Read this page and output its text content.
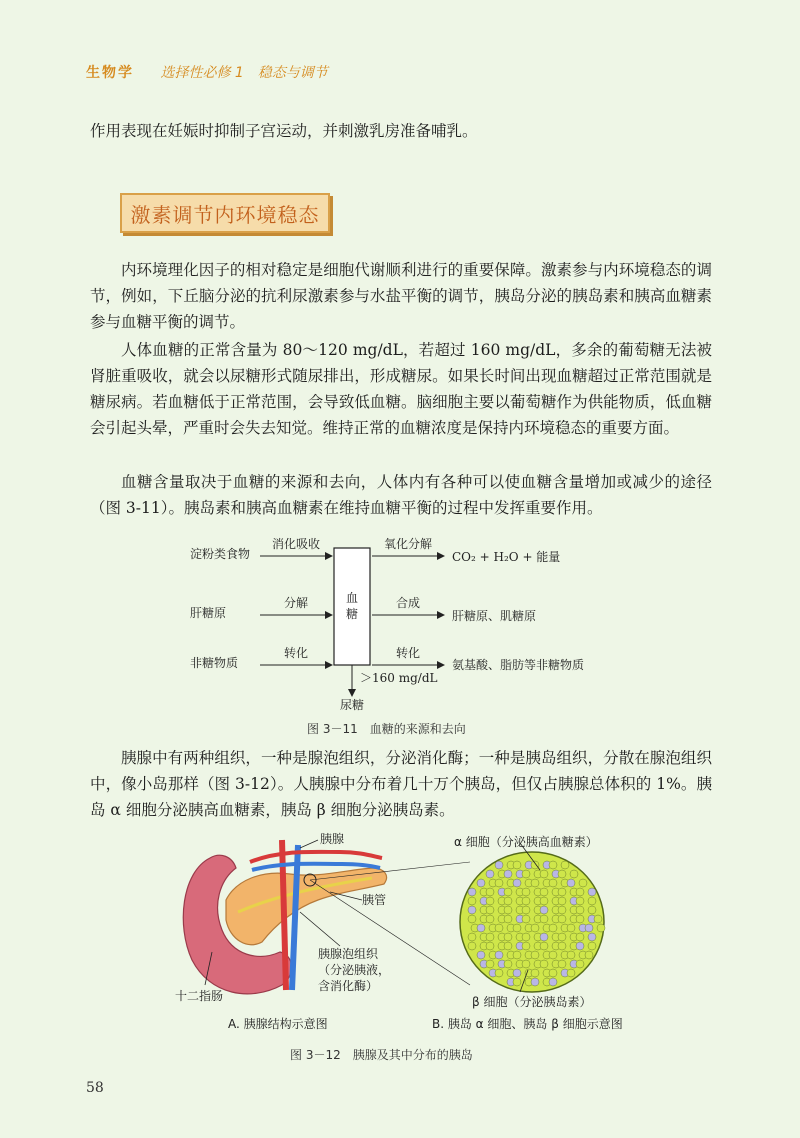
生物学 选择性必修 1　稳态与调节

作用表现在妊娠时抑制子宫运动，并刺激乳房准备哺乳。

激素调节内环境稳态

内环境理化因子的相对稳定是细胞代谢顺利进行的重要保障。激素参与内环境稳态的调节，例如，下丘脑分泌的抗利尿激素参与水盐平衡的调节，胰岛分泌的胰岛素和胰高血糖素参与血糖平衡的调节。

人体血糖的正常含量为 80～120 mg/dL，若超过 160 mg/dL，多余的葡萄糖无法被肾脏重吸收，就会以尿糖形式随尿排出，形成糖尿。如果长时间出现血糖超过正常范围就是糖尿病。若血糖低于正常范围，会导致低血糖。脑细胞主要以葡萄糖作为供能物质，低血糖会引起头晕，严重时会失去知觉。维持正常的血糖浓度是保持内环境稳态的重要方面。

血糖含量取决于血糖的来源和去向，人体内有各种可以使血糖含量增加或减少的途径（图 3-11）。胰岛素和胰高血糖素在维持血糖平衡的过程中发挥重要作用。

血
糖
淀粉类食物
肝糖原
非糖物质
消化吸收
分解
转化
氧化分解
合成
转化
CO₂ + H₂O + 能量
肝糖原、肌糖原
氨基酸、脂肪等非糖物质
＞160 mg/dL
尿糖
图 3－11　血糖的来源和去向

胰腺中有两种组织，一种是腺泡组织，分泌消化酶；一种是胰岛组织，分散在腺泡组织中，像小岛那样（图 3-12）。人胰腺中分布着几十万个胰岛，但仅占胰腺总体积的 1%。胰岛 α 细胞分泌胰高血糖素，胰岛 β 细胞分泌胰岛素。

胰腺
胰管
胰腺泡组织
（分泌胰液，
含消化酶）
十二指肠
α 细胞（分泌胰高血糖素）
β 细胞（分泌胰岛素）
A. 胰腺结构示意图	B. 胰岛 α 细胞、胰岛 β 细胞示意图
图 3－12　胰腺及其中分布的胰岛
58
